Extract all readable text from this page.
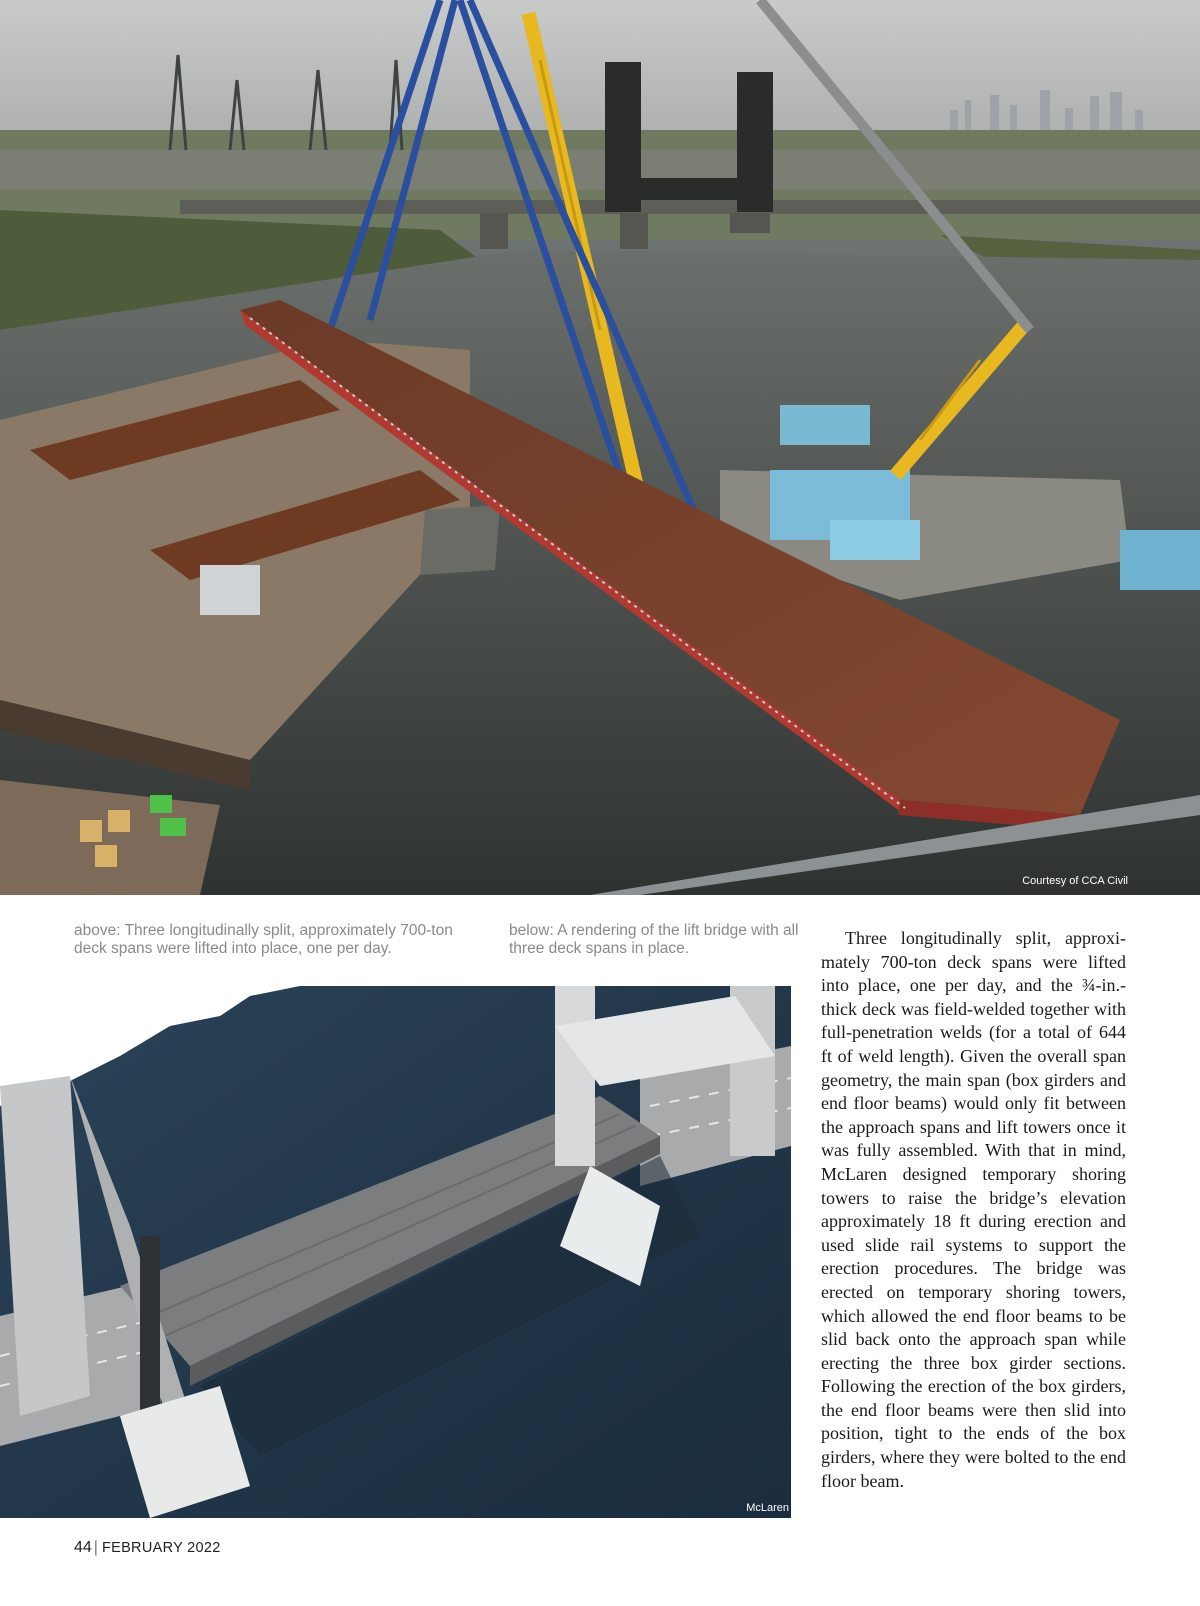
Courtesy of CCA Civil
above: Three longitudinally split, approximately 700-ton deck spans were lifted into place, one per day.
below: A rendering of the lift bridge with all three deck spans in place.
McLaren

Three longitudinally split, approximately 700-ton deck spans were lifted into place, one per day, and the ¾-in.-thick deck was field-welded together with full-penetration welds (for a total of 644 ft of weld length). Given the overall span geometry, the main span (box girders and end floor beams) would only fit between the approach spans and lift towers once it was fully assembled. With that in mind, McLaren designed temporary shoring towers to raise the bridge’s elevation approximately 18 ft during erection and used slide rail systems to support the erection procedures. The bridge was erected on temporary shoring towers, which allowed the end floor beams to be slid back onto the approach span while erecting the three box girder sections. Following the erection of the box girders, the end floor beams were then slid into position, tight to the ends of the box girders, where they were bolted to the end floor beam.

44 | FEBRUARY 2022
